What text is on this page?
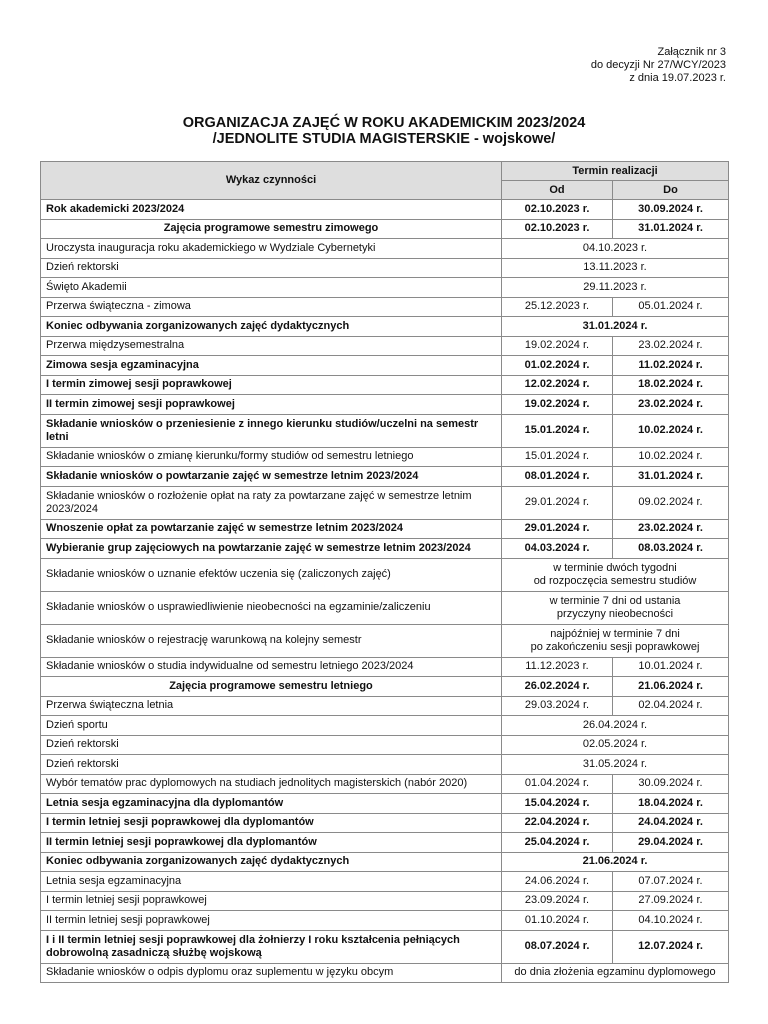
Załącznik nr 3
do decyzji Nr 27/WCY/2023
z dnia 19.07.2023 r.
ORGANIZACJA ZAJĘĆ W ROKU AKADEMICKIM 2023/2024
/JEDNOLITE STUDIA MAGISTERSKIE - wojskowe/
Wykaz czynności	Termin realizacji	
	Od	Do
Rok akademicki 2023/2024	02.10.2023 r.	30.09.2024 r.
Zajęcia programowe semestru zimowego	02.10.2023 r.	31.01.2024 r.
Uroczysta inauguracja roku akademickiego w Wydziale Cybernetyki	04.10.2023 r.	
Dzień rektorski	13.11.2023 r.	
Święto Akademii	29.11.2023 r.	
Przerwa świąteczna - zimowa	25.12.2023 r.	05.01.2024 r.
Koniec odbywania zorganizowanych zajęć dydaktycznych	31.01.2024 r.	
Przerwa międzysemestralna	19.02.2024 r.	23.02.2024 r.
Zimowa sesja egzaminacyjna	01.02.2024 r.	11.02.2024 r.
I termin zimowej sesji poprawkowej	12.02.2024 r.	18.02.2024 r.
II termin zimowej sesji poprawkowej	19.02.2024 r.	23.02.2024 r.
Składanie wniosków o przeniesienie z innego kierunku studiów/uczelni na semestr letni	15.01.2024 r.	10.02.2024 r.
Składanie wniosków o zmianę kierunku/formy studiów od semestru letniego	15.01.2024 r.	10.02.2024 r.
Składanie wniosków o powtarzanie zajęć w semestrze letnim 2023/2024	08.01.2024 r.	31.01.2024 r.
Składanie wniosków o rozłożenie opłat na raty za powtarzane zajęć w semestrze letnim 2023/2024	29.01.2024 r.	09.02.2024 r.
Wnoszenie opłat za powtarzanie zajęć w semestrze letnim 2023/2024	29.01.2024 r.	23.02.2024 r.
Wybieranie grup zajęciowych na powtarzanie zajęć w semestrze letnim 2023/2024	04.03.2024 r.	08.03.2024 r.
Składanie wniosków o uznanie efektów uczenia się (zaliczonych zajęć)	w terminie dwóch tygodni
od rozpoczęcia semestru studiów	

Składanie wniosków o usprawiedliwienie nieobecności na egzaminie/zaliczeniu	w terminie 7 dni od ustania
przyczyny nieobecności	

Składanie wniosków o rejestrację warunkową na kolejny semestr	najpóźniej w terminie 7 dni
po zakończeniu sesji poprawkowej	

Składanie wniosków o studia indywidualne od semestru letniego 2023/2024	11.12.2023 r.	10.01.2024 r.
Zajęcia programowe semestru letniego	26.02.2024 r.	21.06.2024 r.
Przerwa świąteczna letnia	29.03.2024 r.	02.04.2024 r.
Dzień sportu	26.04.2024 r.	
Dzień rektorski	02.05.2024 r.	
Dzień rektorski	31.05.2024 r.	
Wybór tematów prac dyplomowych na studiach jednolitych magisterskich (nabór 2020)	01.04.2024 r.	30.09.2024 r.
Letnia sesja egzaminacyjna dla dyplomantów	15.04.2024 r.	18.04.2024 r.
I termin letniej sesji poprawkowej dla dyplomantów	22.04.2024 r.	24.04.2024 r.
II termin letniej sesji poprawkowej dla dyplomantów	25.04.2024 r.	29.04.2024 r.
Koniec odbywania zorganizowanych zajęć dydaktycznych	21.06.2024 r.	
Letnia sesja egzaminacyjna	24.06.2024 r.	07.07.2024 r.
I termin letniej sesji poprawkowej	23.09.2024 r.	27.09.2024 r.
II termin letniej sesji poprawkowej	01.10.2024 r.	04.10.2024 r.
I i II termin letniej sesji poprawkowej dla żołnierzy I roku kształcenia pełniących dobrowolną zasadniczą służbę wojskową	08.07.2024 r.	12.07.2024 r.
Składanie wniosków o odpis dyplomu oraz suplementu w języku obcym	do dnia złożenia egzaminu dyplomowego	
